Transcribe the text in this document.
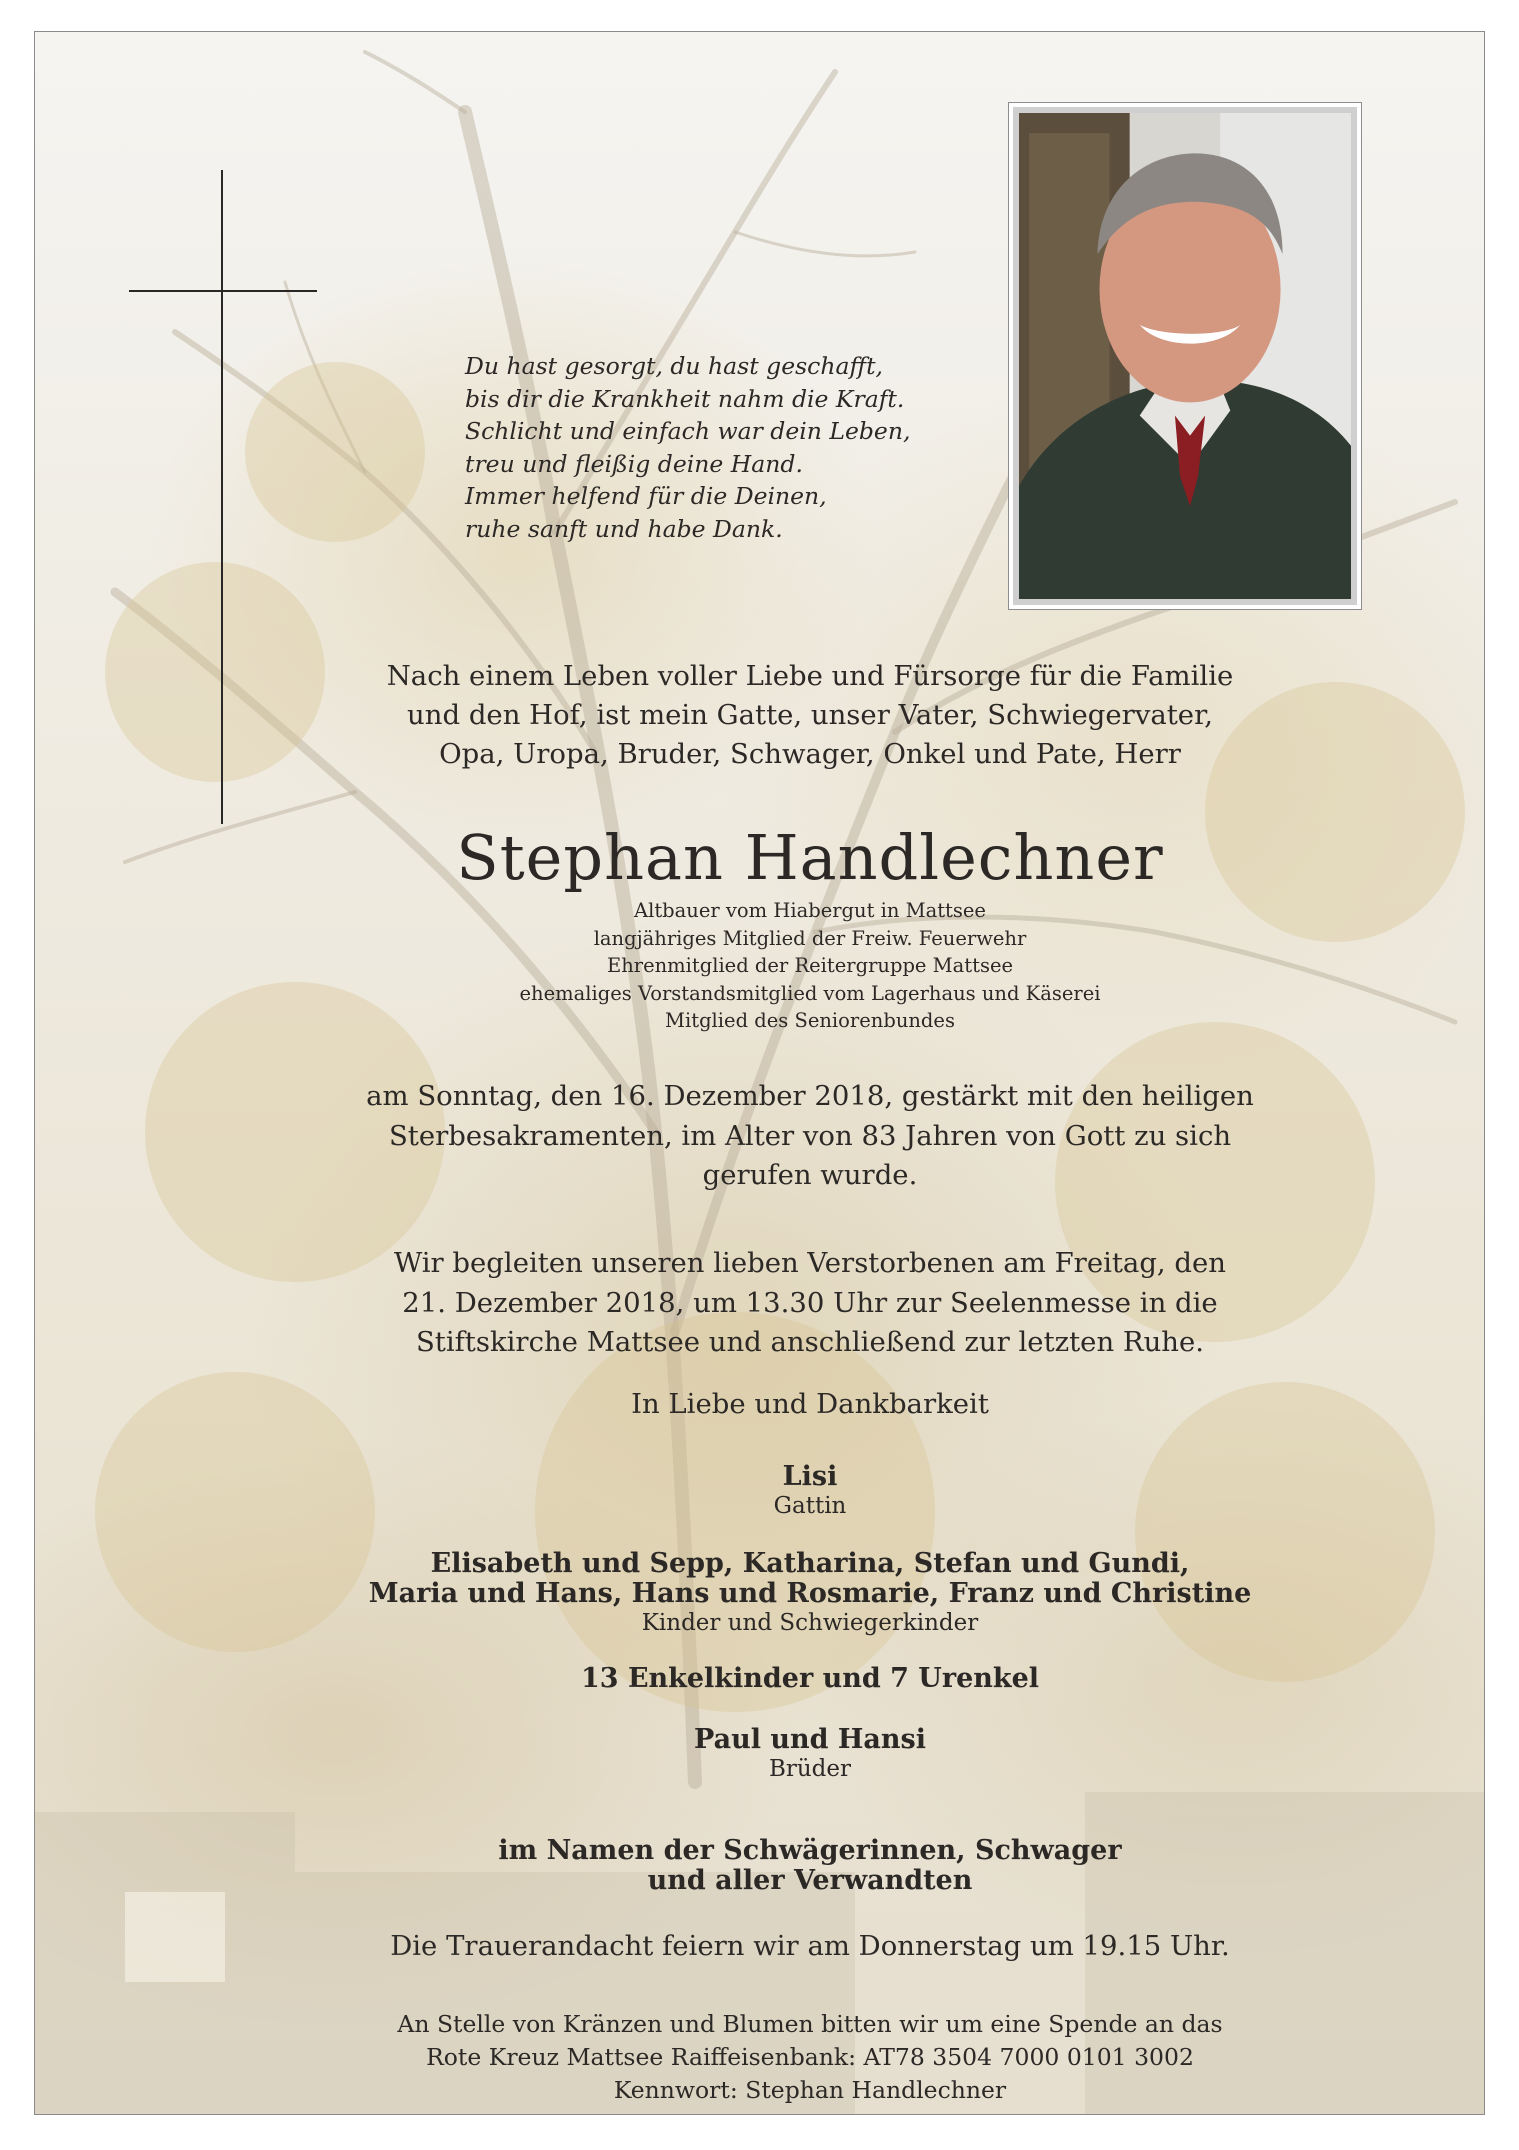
Du hast gesorgt, du hast geschafft,
bis dir die Krankheit nahm die Kraft.
Schlicht und einfach war dein Leben,
treu und fleißig deine Hand.
Immer helfend für die Deinen,
ruhe sanft und habe Dank.
Nach einem Leben voller Liebe und Fürsorge für die Familie
und den Hof, ist mein Gatte, unser Vater, Schwiegervater,
Opa, Uropa, Bruder, Schwager, Onkel und Pate, Herr
Stephan Handlechner
Altbauer vom Hiabergut in Mattsee
langjähriges Mitglied der Freiw. Feuerwehr
Ehrenmitglied der Reitergruppe Mattsee
ehemaliges Vorstandsmitglied vom Lagerhaus und Käserei
Mitglied des Seniorenbundes
am Sonntag, den 16. Dezember 2018, gestärkt mit den heiligen
Sterbesakramenten, im Alter von 83 Jahren von Gott zu sich
gerufen wurde.
Wir begleiten unseren lieben Verstorbenen am Freitag, den
21. Dezember 2018, um 13.30 Uhr zur Seelenmesse in die
Stiftskirche Mattsee und anschließend zur letzten Ruhe.
In Liebe und Dankbarkeit
Lisi
Gattin
Elisabeth und Sepp, Katharina, Stefan und Gundi,
Maria und Hans, Hans und Rosmarie, Franz und Christine
Kinder und Schwiegerkinder
13 Enkelkinder und 7 Urenkel
Paul und Hansi
Brüder
im Namen der Schwägerinnen, Schwager
und aller Verwandten
Die Trauerandacht feiern wir am Donnerstag um 19.15 Uhr.
An Stelle von Kränzen und Blumen bitten wir um eine Spende an das
Rote Kreuz Mattsee Raiffeisenbank: AT78 3504 7000 0101 3002
Kennwort: Stephan Handlechner
